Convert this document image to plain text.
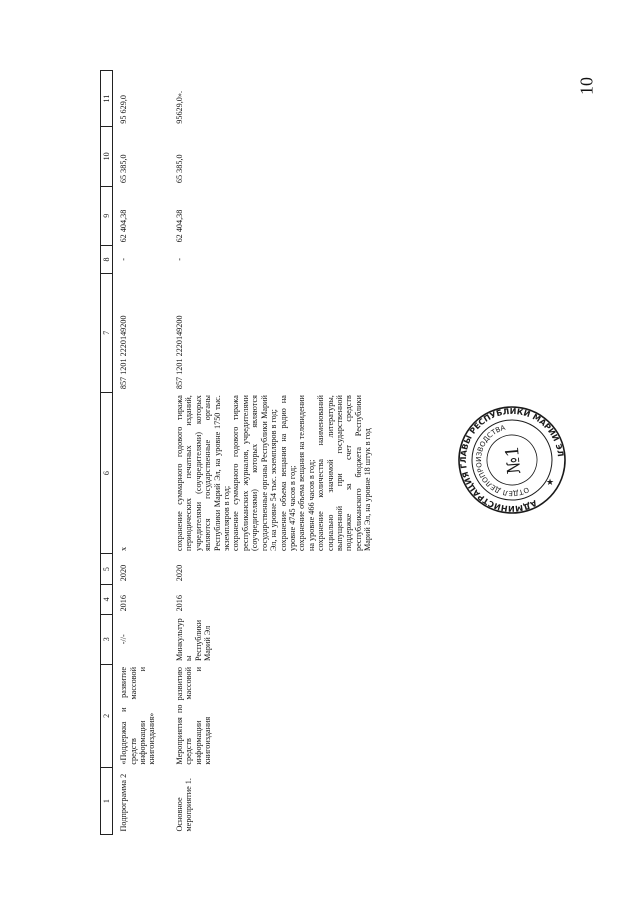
10
1	2	3	4	5	6	7	8	9	10	11
Подпрограмма 2	«Поддержка и развитие средств массовой информации и книгоиздания»	-//-	2016	2020	x	857 1201 2220149200	-	62 404,38	65 385,0	95 629,0
Основное мероприятие 1.	Мероприятия по развитию средств массовой информации и книгоиздания	Минкультуры Республики Марий Эл	2016	2020	сохранение суммарного годового тиража периодических печатных изданий, учредителями (соучредителями) которых являются государственные органы Республики Марий Эл, на уровне 1750 тыс. экземпляров в год;
сохранение суммарного годового тиража республиканских журналов, учредителями (соучредителями) которых являются государственные органы Республики Марий Эл, на уровне 54 тыс. экземпляров в год;
сохранение объема вещания на радио на уровне 4745 часов в год;
сохранение объема вещания на телевидении на уровне 466 часов в год;
сохранение количества наименований социально значимой литературы, выпущенной при государственной поддержке за счет средств республиканского бюджета Республики Марий Эл, на уровне 18 штук в год	857 1201 2220149200	-	62 404,38	65 385,0	95629,0».
АДМИНИСТРАЦИЯ ГЛАВЫ РЕСПУБЛИКИ МАРИЙ ЭЛ
ОТДЕЛ ДЕЛОПРОИЗВОДСТВА
№1
★
